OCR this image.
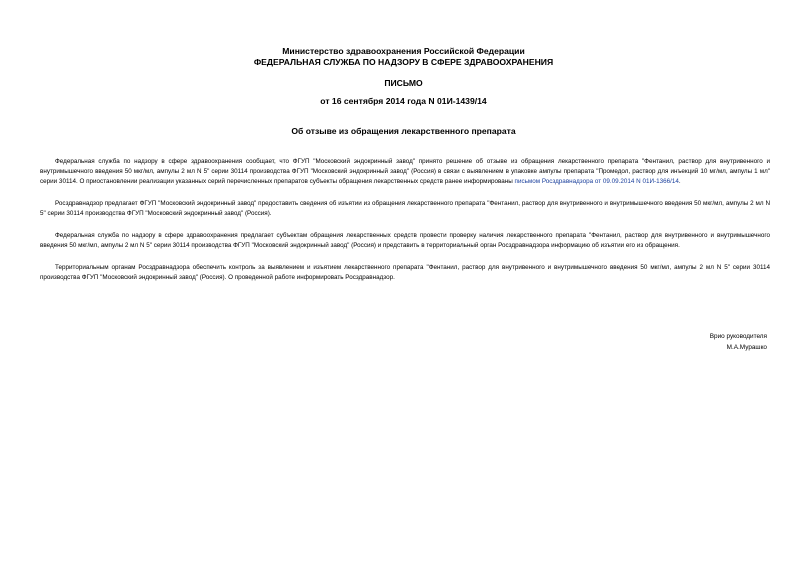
Министерство здравоохранения Российской Федерации
ФЕДЕРАЛЬНАЯ СЛУЖБА ПО НАДЗОРУ В СФЕРЕ ЗДРАВООХРАНЕНИЯ
ПИСЬМО
от 16 сентября 2014 года N 01И-1439/14
Об отзыве из обращения лекарственного препарата

Федеральная служба по надзору в сфере здравоохранения сообщает, что ФГУП "Московский эндокринный завод" принято решение об отзыве из обращения лекарственного препарата "Фентанил, раствор для внутривенного и внутримышечного введения 50 мкг/мл, ампулы 2 мл N 5" серии 30114 производства ФГУП "Московский эндокринный завод" (Россия) в связи с выявлением в упаковке ампулы препарата "Промедол, раствор для инъекций 10 мг/мл, ампулы 1 мл" серии 30114. О приостановлении реализации указанных серий перечисленных препаратов субъекты обращения лекарственных средств ранее информированы письмом Росздравнадзора от 09.09.2014 N 01И-1366/14.

Росздравнадзор предлагает ФГУП "Московский эндокринный завод" предоставить сведения об изъятии из обращения лекарственного препарата "Фентанил, раствор для внутривенного и внутримышечного введения 50 мкг/мл, ампулы 2 мл N 5" серии 30114 производства ФГУП "Московский эндокринный завод" (Россия).

Федеральная служба по надзору в сфере здравоохранения предлагает субъектам обращения лекарственных средств провести проверку наличия лекарственного препарата "Фентанил, раствор для внутривенного и внутримышечного введения 50 мкг/мл, ампулы 2 мл N 5" серии 30114 производства ФГУП "Московский эндокринный завод" (Россия) и представить в территориальный орган Росздравнадзора информацию об изъятии его из обращения.

Территориальным органам Росздравнадзора обеспечить контроль за выявлением и изъятием лекарственного препарата "Фентанил, раствор для внутривенного и внутримышечного введения 50 мкг/мл, ампулы 2 мл N 5" серии 30114 производства ФГУП "Московский эндокринный завод" (Россия). О проведенной работе информировать Росздравнадзор.

Врио руководителя
М.А.Мурашко
